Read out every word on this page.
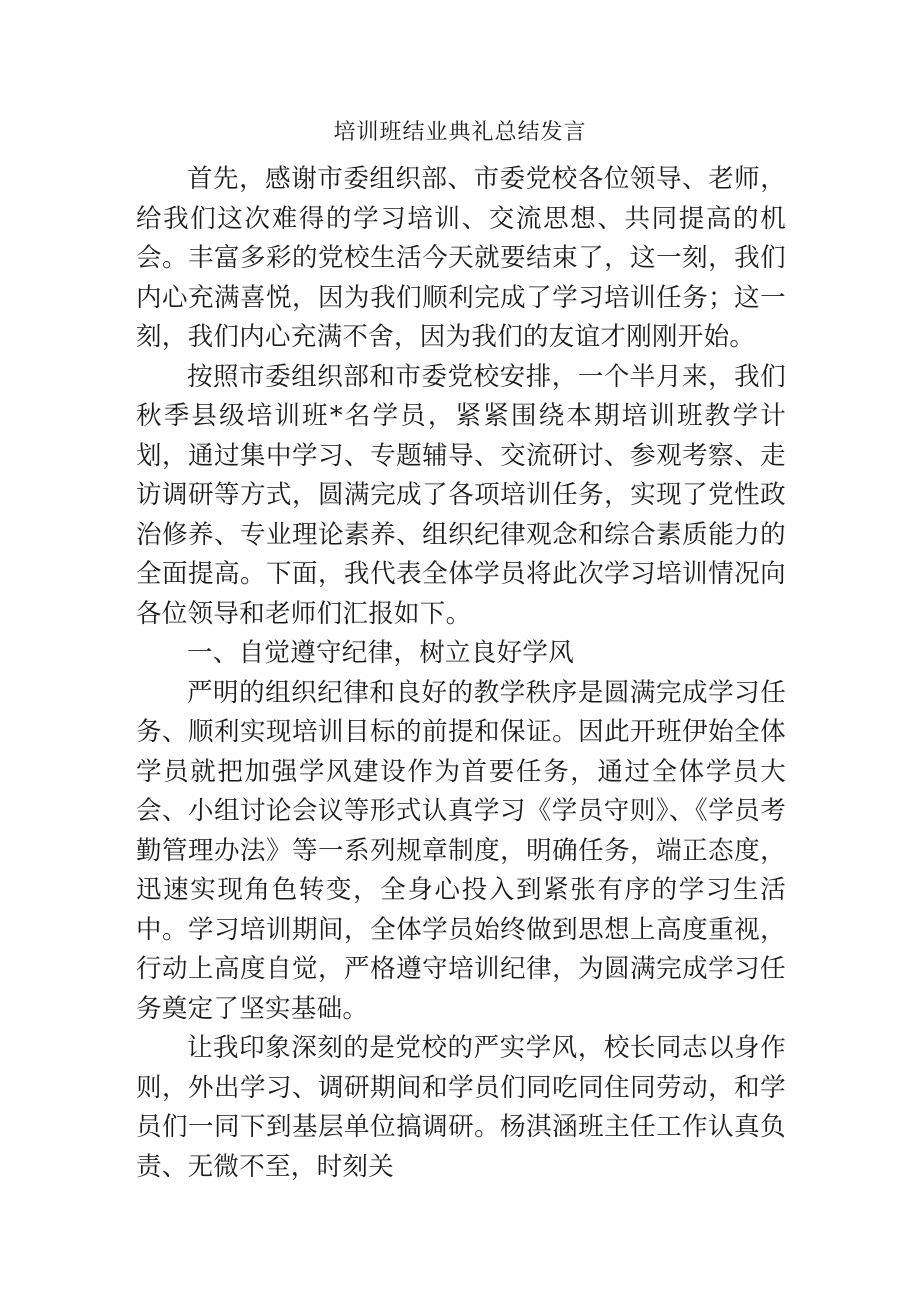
培训班结业典礼总结发言

首先，感谢市委组织部、市委党校各位领导、老师，给我们这次难得的学习培训、交流思想、共同提高的机会。丰富多彩的党校生活今天就要结束了，这一刻，我们内心充满喜悦，因为我们顺利完成了学习培训任务；这一刻，我们内心充满不舍，因为我们的友谊才刚刚开始。

按照市委组织部和市委党校安排，一个半月来，我们秋季县级培训班*名学员，紧紧围绕本期培训班教学计划，通过集中学习、专题辅导、交流研讨、参观考察、走访调研等方式，圆满完成了各项培训任务，实现了党性政治修养、专业理论素养、组织纪律观念和综合素质能力的全面提高。下面，我代表全体学员将此次学习培训情况向各位领导和老师们汇报如下。

一、自觉遵守纪律，树立良好学风

严明的组织纪律和良好的教学秩序是圆满完成学习任务、顺利实现培训目标的前提和保证。因此开班伊始全体学员就把加强学风建设作为首要任务，通过全体学员大会、小组讨论会议等形式认真学习《学员守则》、《学员考勤管理办法》等一系列规章制度，明确任务，端正态度，迅速实现角色转变，全身心投入到紧张有序的学习生活中。学习培训期间，全体学员始终做到思想上高度重视，行动上高度自觉，严格遵守培训纪律，为圆满完成学习任务奠定了坚实基础。

让我印象深刻的是党校的严实学风，校长同志以身作则，外出学习、调研期间和学员们同吃同住同劳动，和学员们一同下到基层单位搞调研。杨淇涵班主任工作认真负责、无微不至，时刻关
